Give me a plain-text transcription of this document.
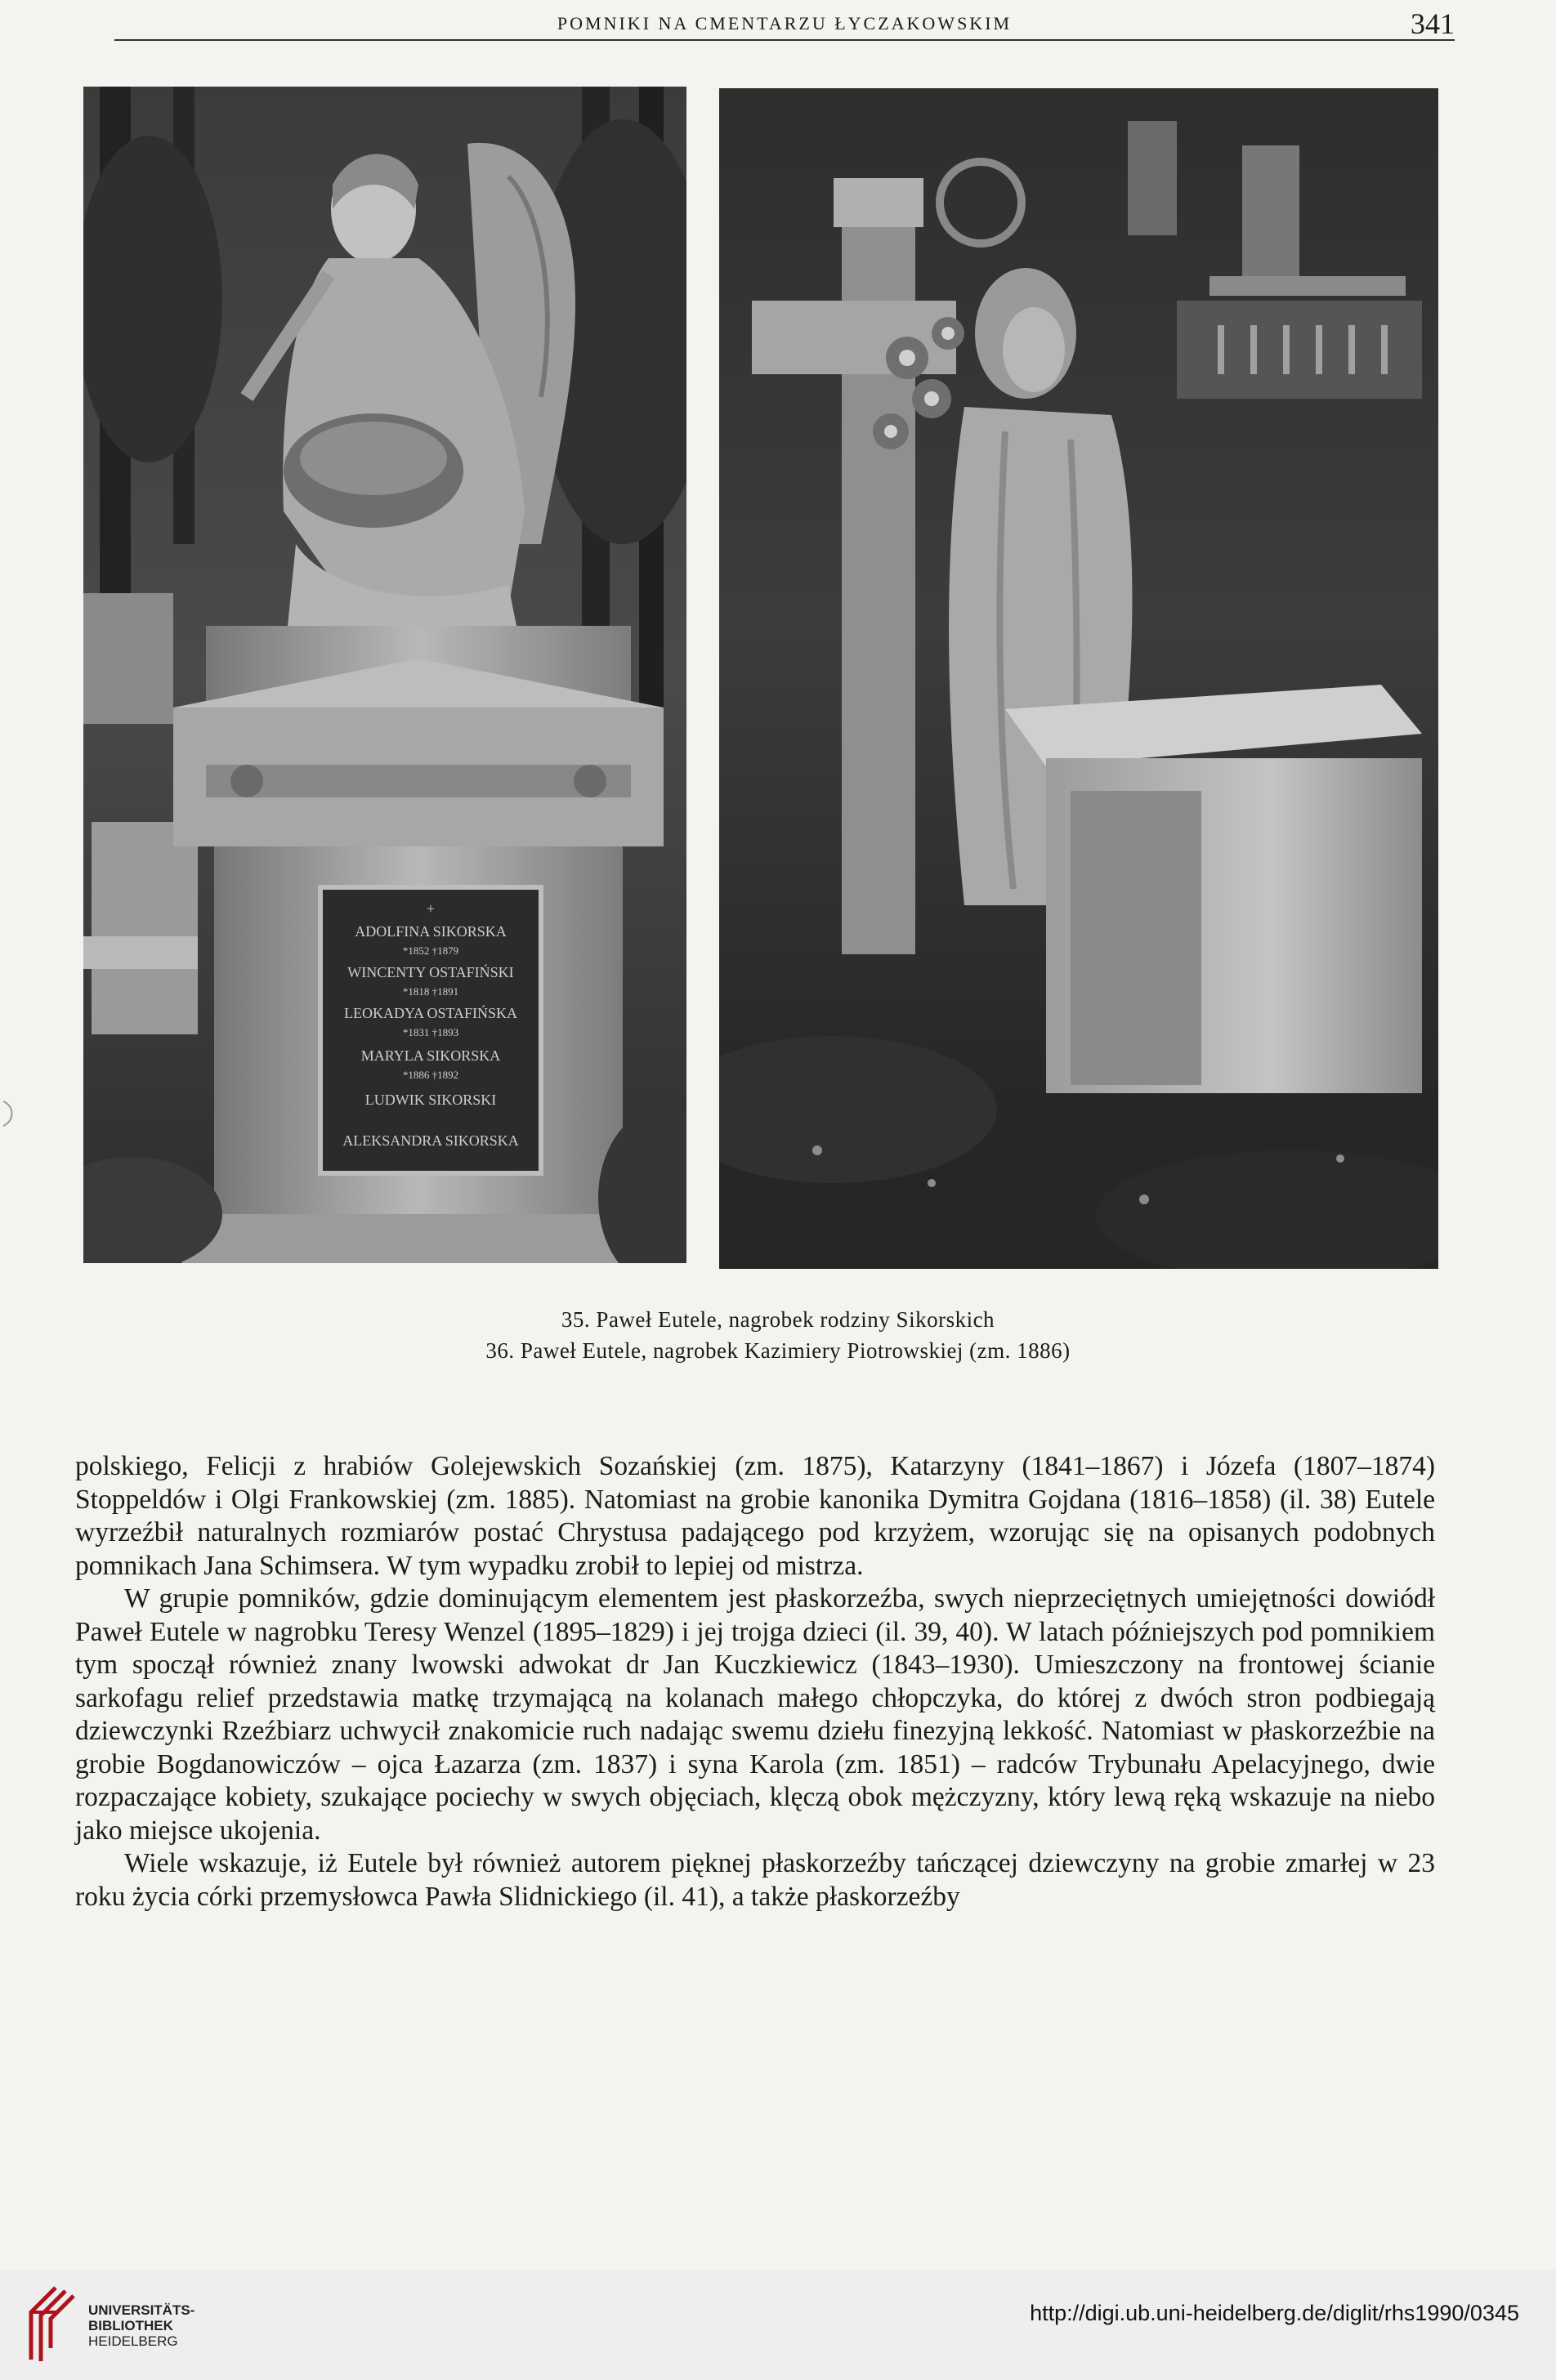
POMNIKI NA CMENTARZU ŁYCZAKOWSKIM	341
+
ADOLFINA SIKORSKA
*1852 †1879
WINCENTY OSTAFIŃSKI
*1818 †1891
LEOKADYA OSTAFIŃSKA
*1831 †1893
MARYLA SIKORSKA
*1886 †1892
LUDWIK SIKORSKI
ALEKSANDRA SIKORSKA
35. Paweł Eutele, nagrobek rodziny Sikorskich
36. Paweł Eutele, nagrobek Kazimiery Piotrowskiej (zm. 1886)

polskiego, Felicji z hrabiów Golejewskich Sozańskiej (zm. 1875), Katarzyny (1841–1867) i Józefa (1807–1874) Stoppeldów i Olgi Frankowskiej (zm. 1885). Natomiast na grobie kanonika Dymitra Gojdana (1816–1858) (il. 38) Eutele wyrzeźbił naturalnych rozmiarów postać Chrystusa padającego pod krzyżem, wzorując się na opisanych podobnych pomnikach Jana Schimsera. W tym wypadku zrobił to lepiej od mistrza.

W grupie pomników, gdzie dominującym elementem jest płaskorzeźba, swych nieprzeciętnych umiejętności dowiódł Paweł Eutele w nagrobku Teresy Wenzel (1895–1829) i jej trojga dzieci (il. 39, 40). W latach późniejszych pod pomnikiem tym spoczął również znany lwowski adwokat dr Jan Kuczkiewicz (1843–1930). Umieszczony na frontowej ścianie sarkofagu relief przedstawia matkę trzymającą na kolanach małego chłopczyka, do której z dwóch stron podbiegają dziewczynki Rzeźbiarz uchwycił znakomicie ruch nadając swemu dziełu finezyjną lekkość. Natomiast w płaskorzeźbie na grobie Bogdanowiczów – ojca Łazarza (zm. 1837) i syna Karola (zm. 1851) – radców Trybunału Apelacyjnego, dwie rozpaczające kobiety, szukające pociechy w swych objęciach, klęczą obok mężczyzny, który lewą ręką wskazuje na niebo jako miejsce ukojenia.

Wiele wskazuje, iż Eutele był również autorem pięknej płaskorzeźby tańczącej dziewczyny na grobie zmarłej w 23 roku życia córki przemysłowca Pawła Slidnickiego (il. 41), a także płaskorzeźby

UNIVERSITÄTS-
BIBLIOTHEK
HEIDELBERG
http://digi.ub.uni-heidelberg.de/diglit/rhs1990/0345
